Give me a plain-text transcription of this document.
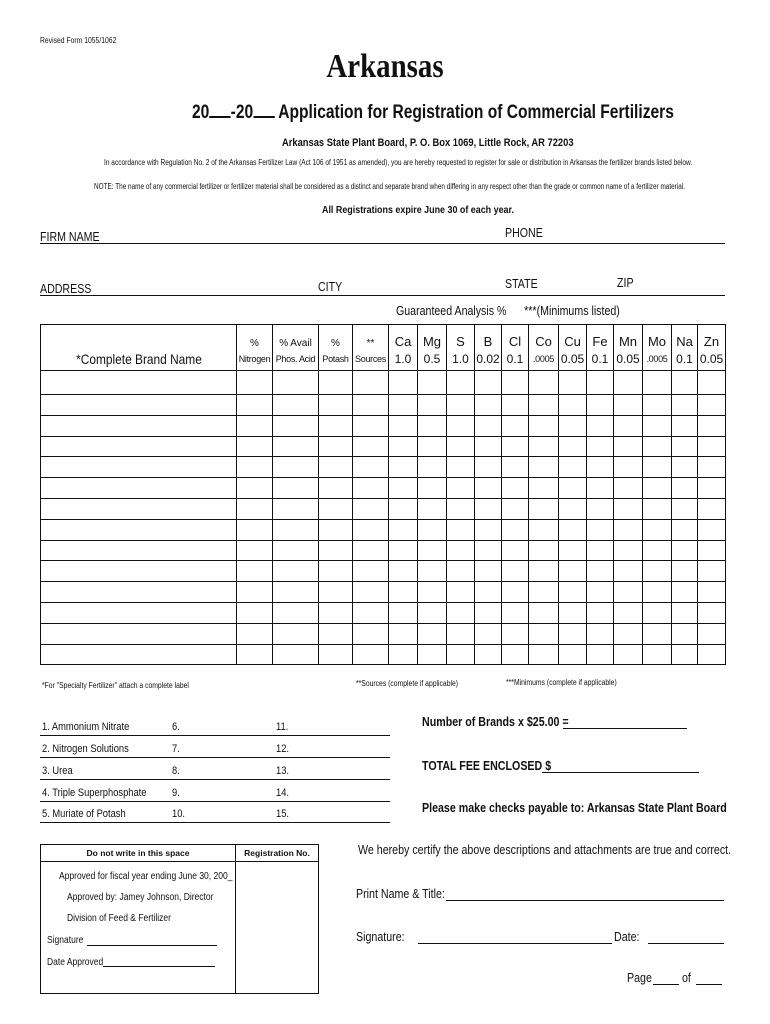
Revised Form 1055/1062
Arkansas
20 -20 Application for Registration of Commercial Fertilizers
Arkansas State Plant Board, P. O. Box 1069, Little Rock, AR 72203
In accordance with Regulation No. 2 of the Arkansas Fertilizer Law (Act 106 of 1951 as amended), you are hereby requested to register for sale or distribution in Arkansas the fertilizer brands listed below.
NOTE: The name of any commercial fertilizer or fertilizer material shall be considered as a distinct and separate brand when differing in any respect other than the grade or common name of a fertilizer material.
All Registrations expire June 30 of each year.
FIRM NAME	PHONE
ADDRESS	CITY	STATE	ZIP
Guaranteed Analysis %      ***(Minimums listed)
*Complete Brand Name	%	% Avail	%	**	Ca	Mg	S	B	Cl	Co	Cu	Fe	Mn	Mo	Na	Zn
	Nitrogen	Phos. Acid	Potash	Sources	1.0	0.5	1.0	0.02	0.1	.0005	0.05	0.1	0.05	.0005	0.1	0.05

*For "Specialty Fertilizer" attach a complete label	**Sources (complete if applicable)	***Minimums (complete if applicable)
1. Ammonium Nitrate	6.	11.
2. Nitrogen Solutions	7.	12.
3. Urea	8.	13.
4. Triple Superphosphate 9.	14.
5. Muriate of Potash	10.	15.
Number of Brands x $25.00 =
TOTAL FEE ENCLOSED $
Please make checks payable to: Arkansas State Plant Board
Do not write in this space	Registration No.
Approved for fiscal year ending June 30, 200_
Approved by: Jamey Johnson, Director
Division of Feed & Fertilizer
Signature
Date Approved
We hereby certify the above descriptions and attachments are true and correct.
Print Name & Title:
Signature:	Date:
Page of
